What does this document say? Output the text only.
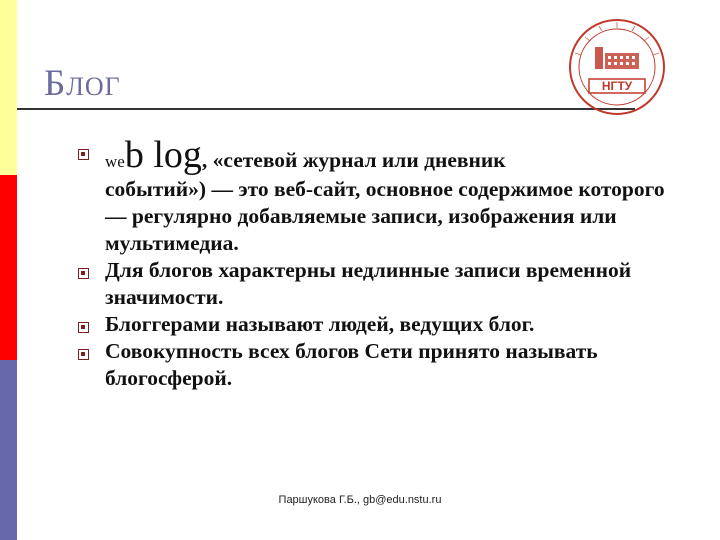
Блог	НГТУ
web log, «сетевой журнал или дневник
событий») — это веб-сайт, основное содержимое которого — регулярно добавляемые записи, изображения или мультимедиа.
Для блогов характерны недлинные записи временной значимости.
Блоггерами называют людей, ведущих блог.
Совокупность всех блогов Сети принято называть блогосферой.
Паршукова Г.Б., gb@edu.nstu.ru
